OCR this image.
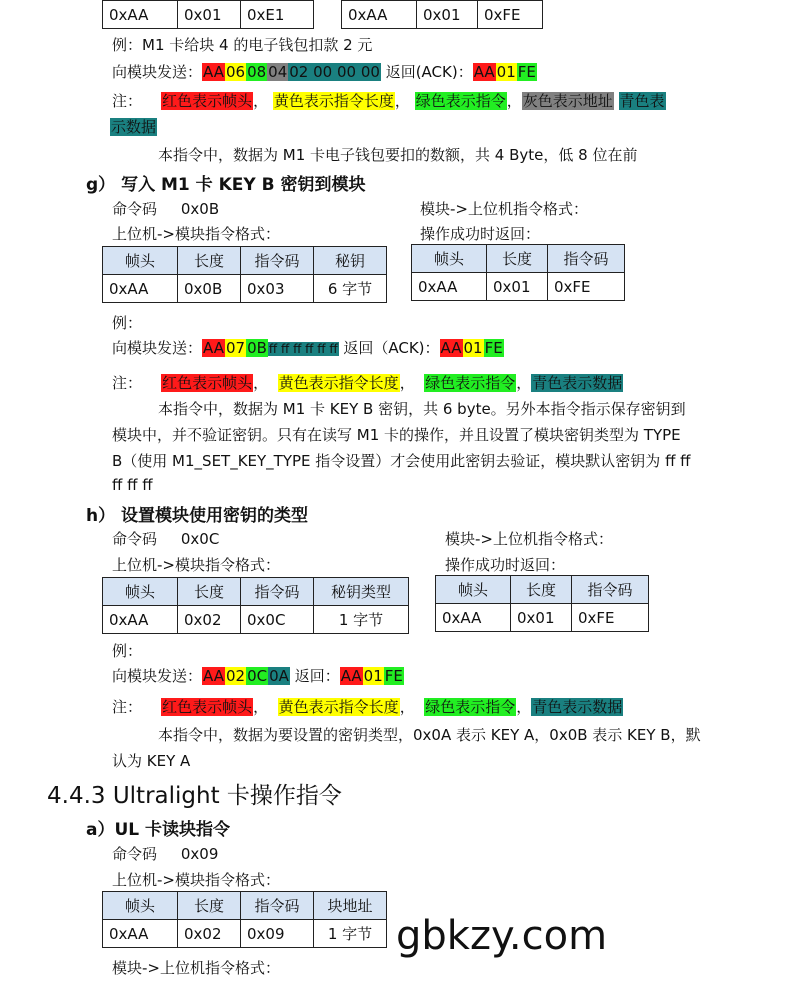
0xAA	0x01	0xE1	0xAA	0x01	0xFE
例：M1 卡给块 4 的电子钱包扣款 2 元
向模块发送：AA 06 08 04 02 00 00 00 返回(ACK)：AA 01 FE
注： 红色表示帧头， 黄色表示指令长度， 绿色表示指令，灰色表示地址 青色表
示数据
本指令中，数据为 M1 卡电子钱包要扣的数额，共 4 Byte，低 8 位在前
g） 写入 M1 卡 KEY B 密钥到模块
命令码 0x0B	模块->上位机指令格式：
上位机->模块指令格式：	操作成功时返回：
帧头	长度	指令码	秘钥
0xAA	0x0B	0x03	6 字节
帧头	长度	指令码
0xAA	0x01	0xFE
例：
向模块发送：AA 07 0B ff ff ff ff ff ff 返回（ACK)：AA 01 FE
注： 红色表示帧头， 黄色表示指令长度， 绿色表示指令，青色表示数据
本指令中，数据为 M1 卡 KEY B 密钥，共 6 byte。另外本指令指示保存密钥到
模块中，并不验证密钥。只有在读写 M1 卡的操作，并且设置了模块密钥类型为 TYPE
B（使用 M1_SET_KEY_TYPE 指令设置）才会使用此密钥去验证，模块默认密钥为 ff ff
ff ff ff
h） 设置模块使用密钥的类型
命令码 0x0C	模块->上位机指令格式：
上位机->模块指令格式：	操作成功时返回：
帧头	长度	指令码	秘钥类型
0xAA	0x02	0x0C	1 字节
帧头	长度	指令码
0xAA	0x01	0xFE
例：
向模块发送：AA 02 0C 0A 返回：AA 01 FE
注： 红色表示帧头， 黄色表示指令长度， 绿色表示指令，青色表示数据
本指令中，数据为要设置的密钥类型，0x0A 表示 KEY A，0x0B 表示 KEY B，默
认为 KEY A
4.4.3 Ultralight 卡操作指令
a）UL 卡读块指令
命令码 0x09
上位机->模块指令格式：
帧头	长度	指令码	块地址
0xAA	0x02	0x09	1 字节 gbkzy.com
模块->上位机指令格式：
